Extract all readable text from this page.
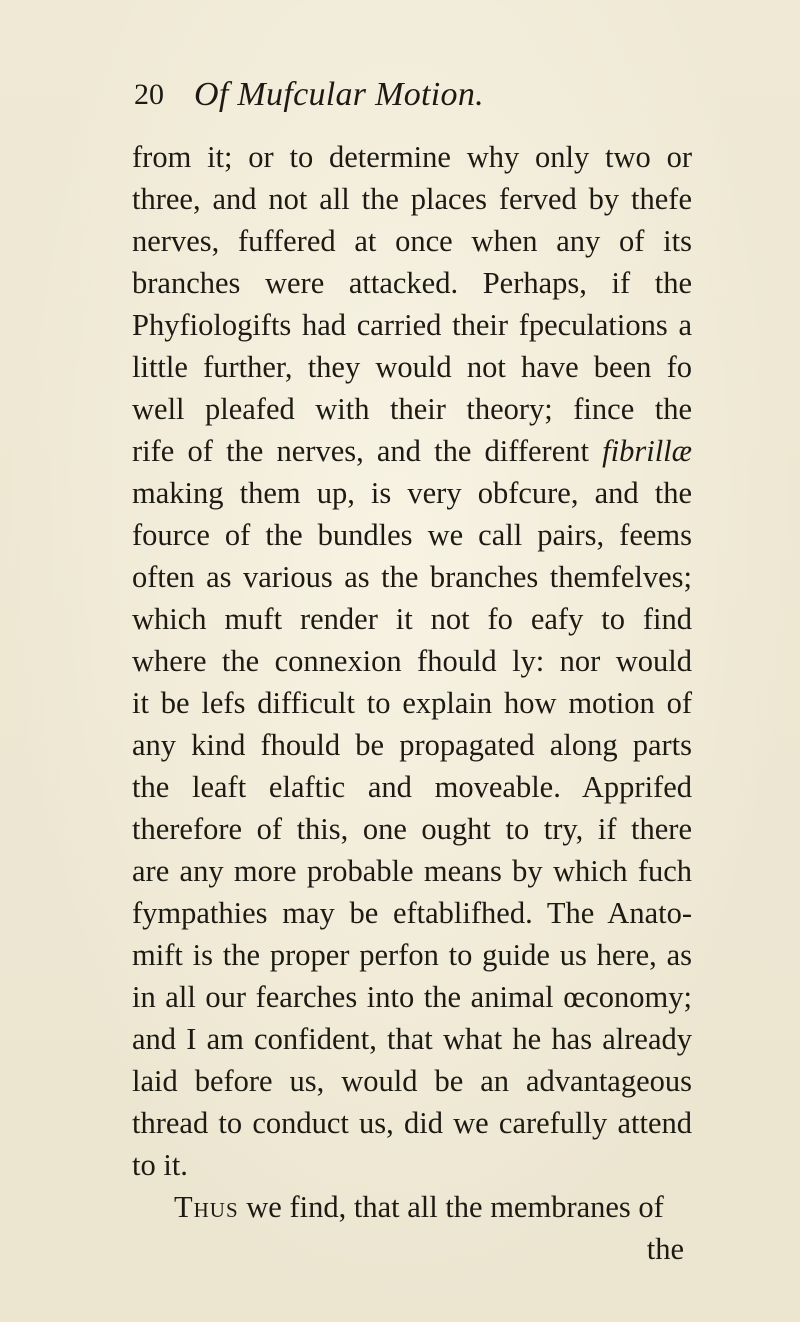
20 Of Mufcular Motion.
from it; or to determine why only two or
three, and not all the places ferved by thefe
nerves, fuffered at once when any of its
branches were attacked. Perhaps, if the
Phyfiologifts had carried their fpeculations a
little further, they would not have been fo
well pleafed with their theory; fince the
rife of the nerves, and the different fibrillæ
making them up, is very obfcure, and the
fource of the bundles we call pairs, feems
often as various as the branches themfelves;
which muft render it not fo eafy to find
where the connexion fhould ly: nor would
it be lefs difficult to explain how motion of
any kind fhould be propagated along parts
the leaft elaftic and moveable. Apprifed
therefore of this, one ought to try, if there
are any more probable means by which fuch
fympathies may be eftablifhed. The Anato-
mift is the proper perfon to guide us here, as
in all our fearches into the animal œconomy;
and I am confident, that what he has already
laid before us, would be an advantageous
thread to conduct us, did we carefully attend
to it.
Thus we find, that all the membranes of
the
